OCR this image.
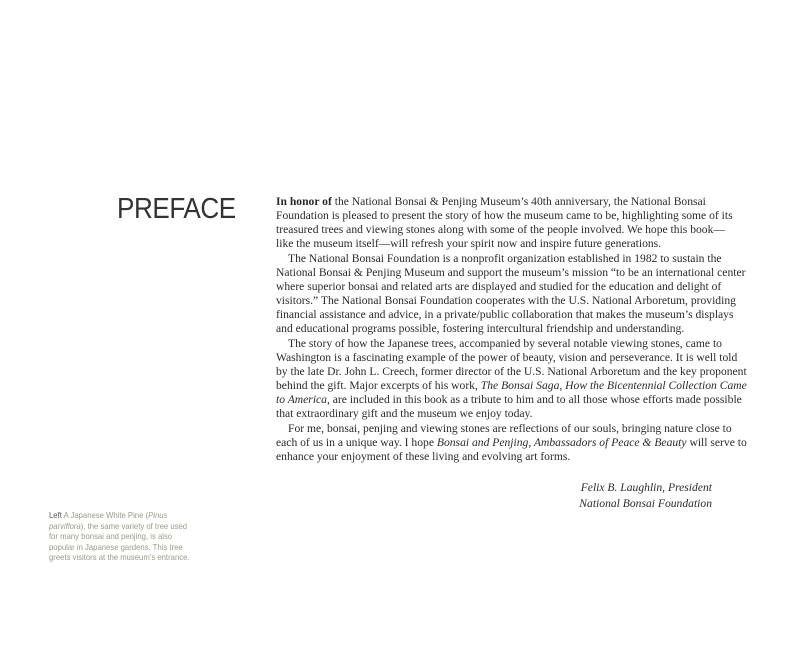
PREFACE	In honor of the National Bonsai & Penjing Museum’s 40th anniversary, the National Bonsai
Foundation is pleased to present the story of how the museum came to be, highlighting some of its
treasured trees and viewing stones along with some of the people involved. We hope this book—
like the museum itself—will refresh your spirit now and inspire future generations.
The National Bonsai Foundation is a nonprofit organization established in 1982 to sustain the
National Bonsai & Penjing Museum and support the museum’s mission “to be an international center
where superior bonsai and related arts are displayed and studied for the education and delight of
visitors.” The National Bonsai Foundation cooperates with the U.S. National Arboretum, providing
financial assistance and advice, in a private/public collaboration that makes the museum’s displays
and educational programs possible, fostering intercultural friendship and understanding.
The story of how the Japanese trees, accompanied by several notable viewing stones, came to
Washington is a fascinating example of the power of beauty, vision and perseverance. It is well told
by the late Dr. John L. Creech, former director of the U.S. National Arboretum and the key proponent
behind the gift. Major excerpts of his work, The Bonsai Saga, How the Bicentennial Collection Came
to America, are included in this book as a tribute to him and to all those whose efforts made possible
that extraordinary gift and the museum we enjoy today.
For me, bonsai, penjing and viewing stones are reflections of our souls, bringing nature close to
each of us in a unique way. I hope Bonsai and Penjing, Ambassadors of Peace & Beauty will serve to
enhance your enjoyment of these living and evolving art forms.
Felix B. Laughlin, President
National Bonsai Foundation
Left A Japanese White Pine (Pinus
parviflora), the same variety of tree used
for many bonsai and penjing, is also
popular in Japanese gardens. This tree
greets visitors at the museum’s entrance.
